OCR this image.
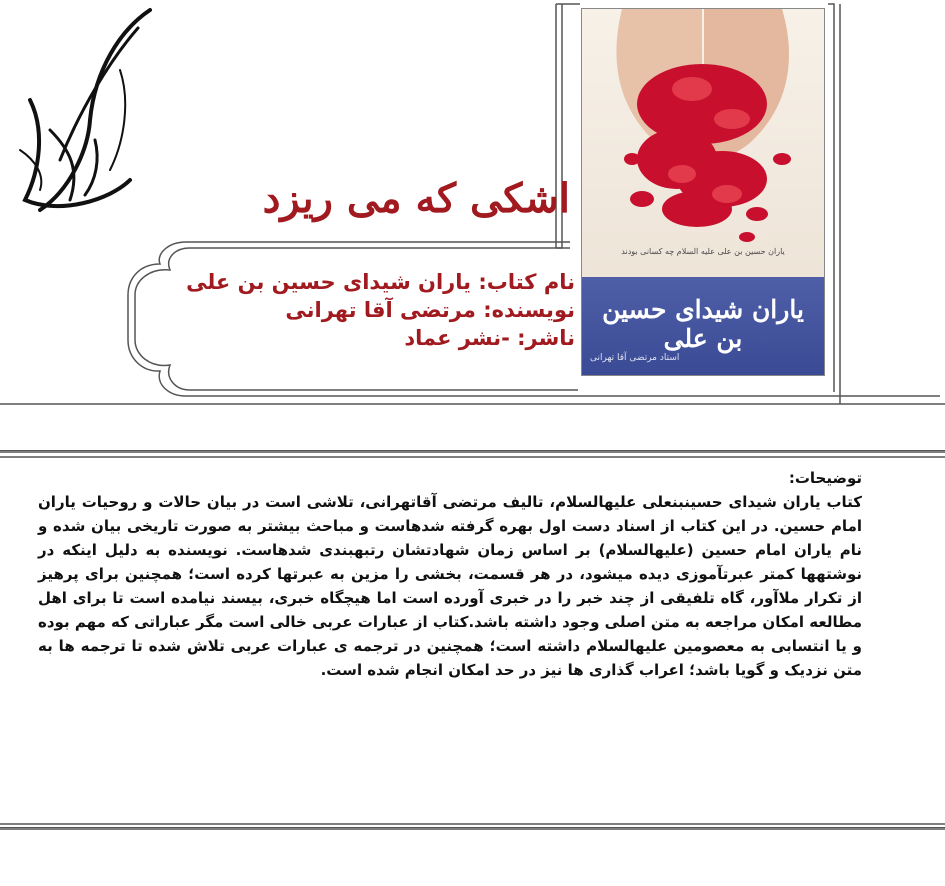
ریحانه
اشکی که می ریزد
نام کتاب: یاران شیدای حسین بن علی
نویسنده: مرتضی آقا تهرانی
ناشر: -نشر عماد
یاران حسین بن علی علیه السلام چه کسانی بودند
یاران شیدای حسین بن علی
استاد مرتضی آقا تهرانی
توضیحات:
کتاب یاران شیدای حسینبنعلی علیهالسلام، تالیف مرتضی آقاتهرانی، تلاشی است در بیان حالات و روحیات یاران امام حسین. در این کتاب از اسناد دست اول بهره گرفته شدهاست و مباحث بیشتر به صورت تاریخی بیان شده و نام یاران امام حسین (علیهالسلام) بر اساس زمان شهادتشان رتبهبندی شدهاست. نویسنده به دلیل اینکه در نوشتهها کمتر عبرتآموزی دیده میشود، در هر قسمت، بخشی را مزین به عبرتها کرده است؛ همچنین برای پرهیز از تکرار ملاآور، گاه تلفیقی از چند خبر را در خبری آورده است اما هیچگاه خبری، بیسند نیامده است تا برای اهل مطالعه امکان مراجعه به متن اصلی وجود داشته باشد.کتاب از عبارات عربی خالی است مگر عباراتی که مهم بوده و یا انتسابی به معصومین علیهالسلام داشته است؛ همچنین در ترجمه ی عبارات عربی تلاش شده تا ترجمه ها به متن نزدیک و گویا باشد؛ اعراب گذاری ها نیز در حد امکان انجام شده است.
